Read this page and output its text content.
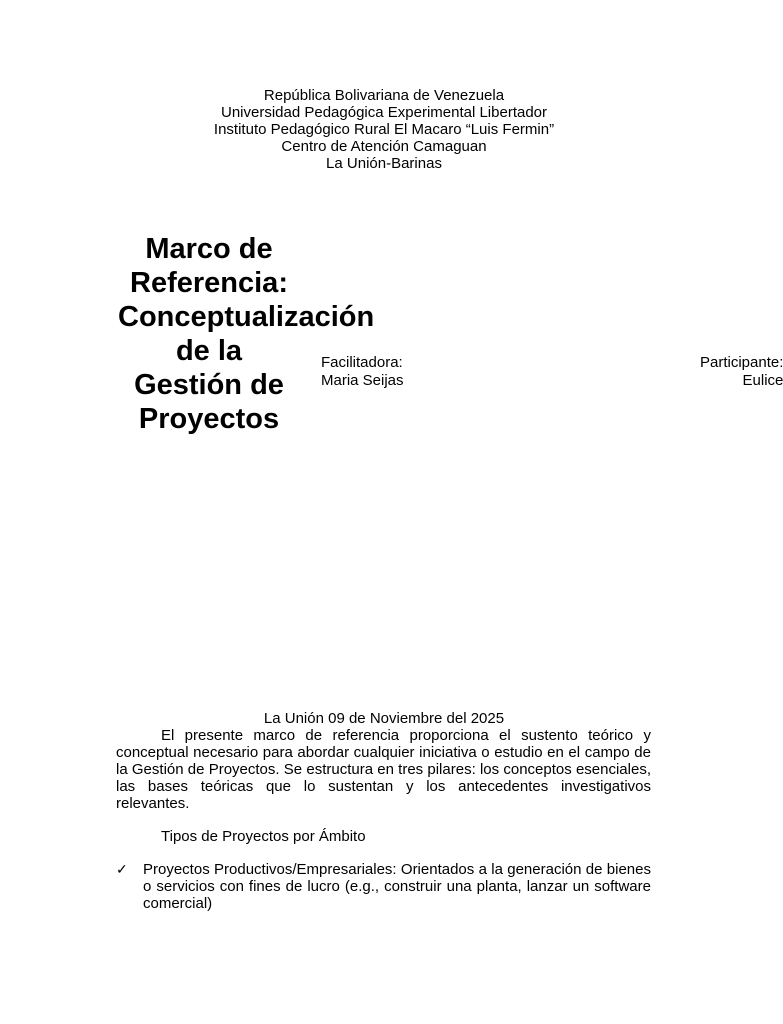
República Bolivariana de Venezuela
Universidad Pedagógica Experimental Libertador
Instituto Pedagógico Rural El Macaro “Luis Fermin”
Centro de Atención Camaguan
La Unión-Barinas
Marco de Referencia: Conceptualización de la Gestión de Proyectos
Facilitadora:
Maria Seijas
Participante:
Eulice
La Unión 09 de Noviembre del 2025

El presente marco de referencia proporciona el sustento teórico y conceptual necesario para abordar cualquier iniciativa o estudio en el campo de la Gestión de Proyectos. Se estructura en tres pilares: los conceptos esenciales, las bases teóricas que lo sustentan y los antecedentes investigativos relevantes.

Tipos de Proyectos por Ámbito
✓	Proyectos Productivos/Empresariales: Orientados a la generación de bienes o servicios con fines de lucro (e.g., construir una planta, lanzar un software comercial)
